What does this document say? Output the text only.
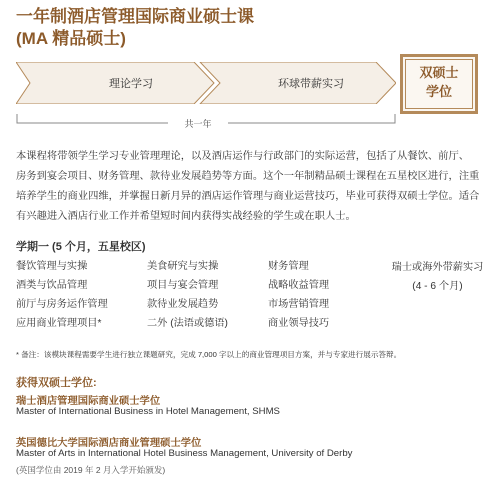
一年制酒店管理国际商业硕士课
(MA 精品硕士)
理论学习	环球带薪实习
双硕士
学位
共一年
本课程将带领学生学习专业管理理论，以及酒店运作与行政部门的实际运营，包括了从餐饮、前厅、
房务到宴会项目、财务管理、款待业发展趋势等方面。这个一年制精品硕士课程在五星校区进行，注重
培养学生的商业四维，并掌握日新月异的酒店运作管理与商业运营技巧，毕业可获得双硕士学位。适合
有兴趣进入酒店行业工作并希望短时间内获得实战经验的学生或在职人士。
学期一 (5 个月，五星校区)
餐饮管理与实操
酒类与饮品管理
前厅与房务运作管理
应用商业管理项目*
美食研究与实操
项目与宴会管理
款待业发展趋势
二外 (法语或德语)
财务管理
战略收益管理
市场营销管理
商业领导技巧
瑞士或海外带薪实习
(4 - 6 个月)
* 备注：该模块课程需要学生进行独立课题研究，完成 7,000 字以上的商业管理项目方案，并与专家进行展示答辩。
获得双硕士学位:
瑞士酒店管理国际商业硕士学位
Master of International Business in Hotel Management, SHMS
英国德比大学国际酒店商业管理硕士学位
Master of Arts in International Hotel Business Management, University of Derby
(英国学位由 2019 年 2 月入学开始颁发)
